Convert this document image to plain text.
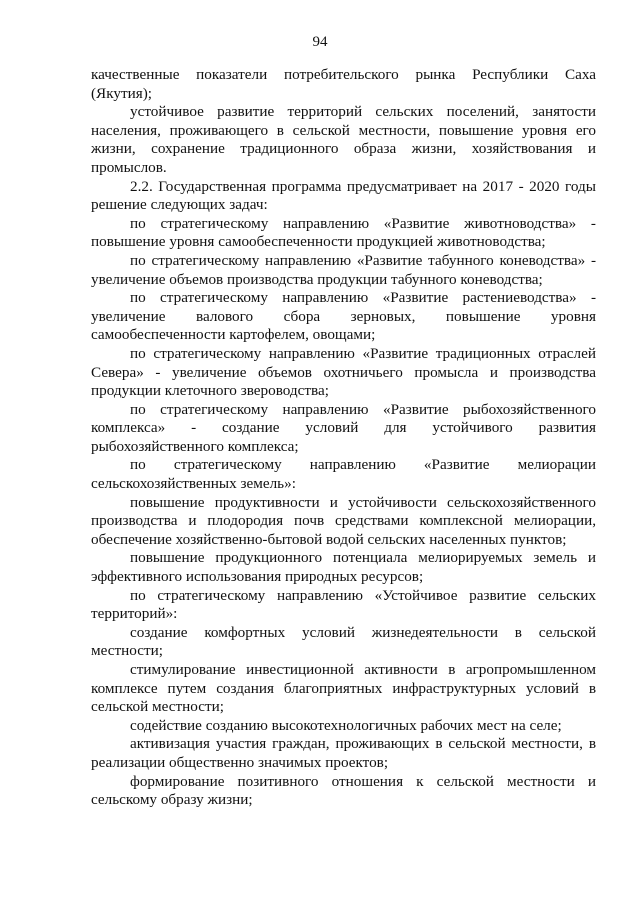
94

качественные показатели потребительского рынка Республики Саха (Якутия);

устойчивое развитие территорий сельских поселений, занятости населения, проживающего в сельской местности, повышение уровня его жизни, сохранение традиционного образа жизни, хозяйствования и промыслов.

2.2. Государственная программа предусматривает на 2017 - 2020 годы решение следующих задач:

по стратегическому направлению «Развитие животноводства» - повышение уровня самообеспеченности продукцией животноводства;

по стратегическому направлению «Развитие табунного коневодства» - увеличение объемов производства продукции табунного коневодства;

по стратегическому направлению «Развитие растениеводства» - увеличение валового сбора зерновых, повышение уровня самообеспеченности картофелем, овощами;

по стратегическому направлению «Развитие традиционных отраслей Севера» - увеличение объемов охотничьего промысла и производства продукции клеточного звероводства;

по стратегическому направлению «Развитие рыбохозяйственного комплекса» - создание условий для устойчивого развития рыбохозяйственного комплекса;

по стратегическому направлению «Развитие мелиорации сельскохозяйственных земель»:

повышение продуктивности и устойчивости сельскохозяйственного производства и плодородия почв средствами комплексной мелиорации, обеспечение хозяйственно-бытовой водой сельских населенных пунктов;

повышение продукционного потенциала мелиорируемых земель и эффективного использования природных ресурсов;

по стратегическому направлению «Устойчивое развитие сельских территорий»:

создание комфортных условий жизнедеятельности в сельской местности;

стимулирование инвестиционной активности в агропромышленном комплексе путем создания благоприятных инфраструктурных условий в сельской местности;

содействие созданию высокотехнологичных рабочих мест на селе;

активизация участия граждан, проживающих в сельской местности, в реализации общественно значимых проектов;

формирование позитивного отношения к сельской местности и сельскому образу жизни;
